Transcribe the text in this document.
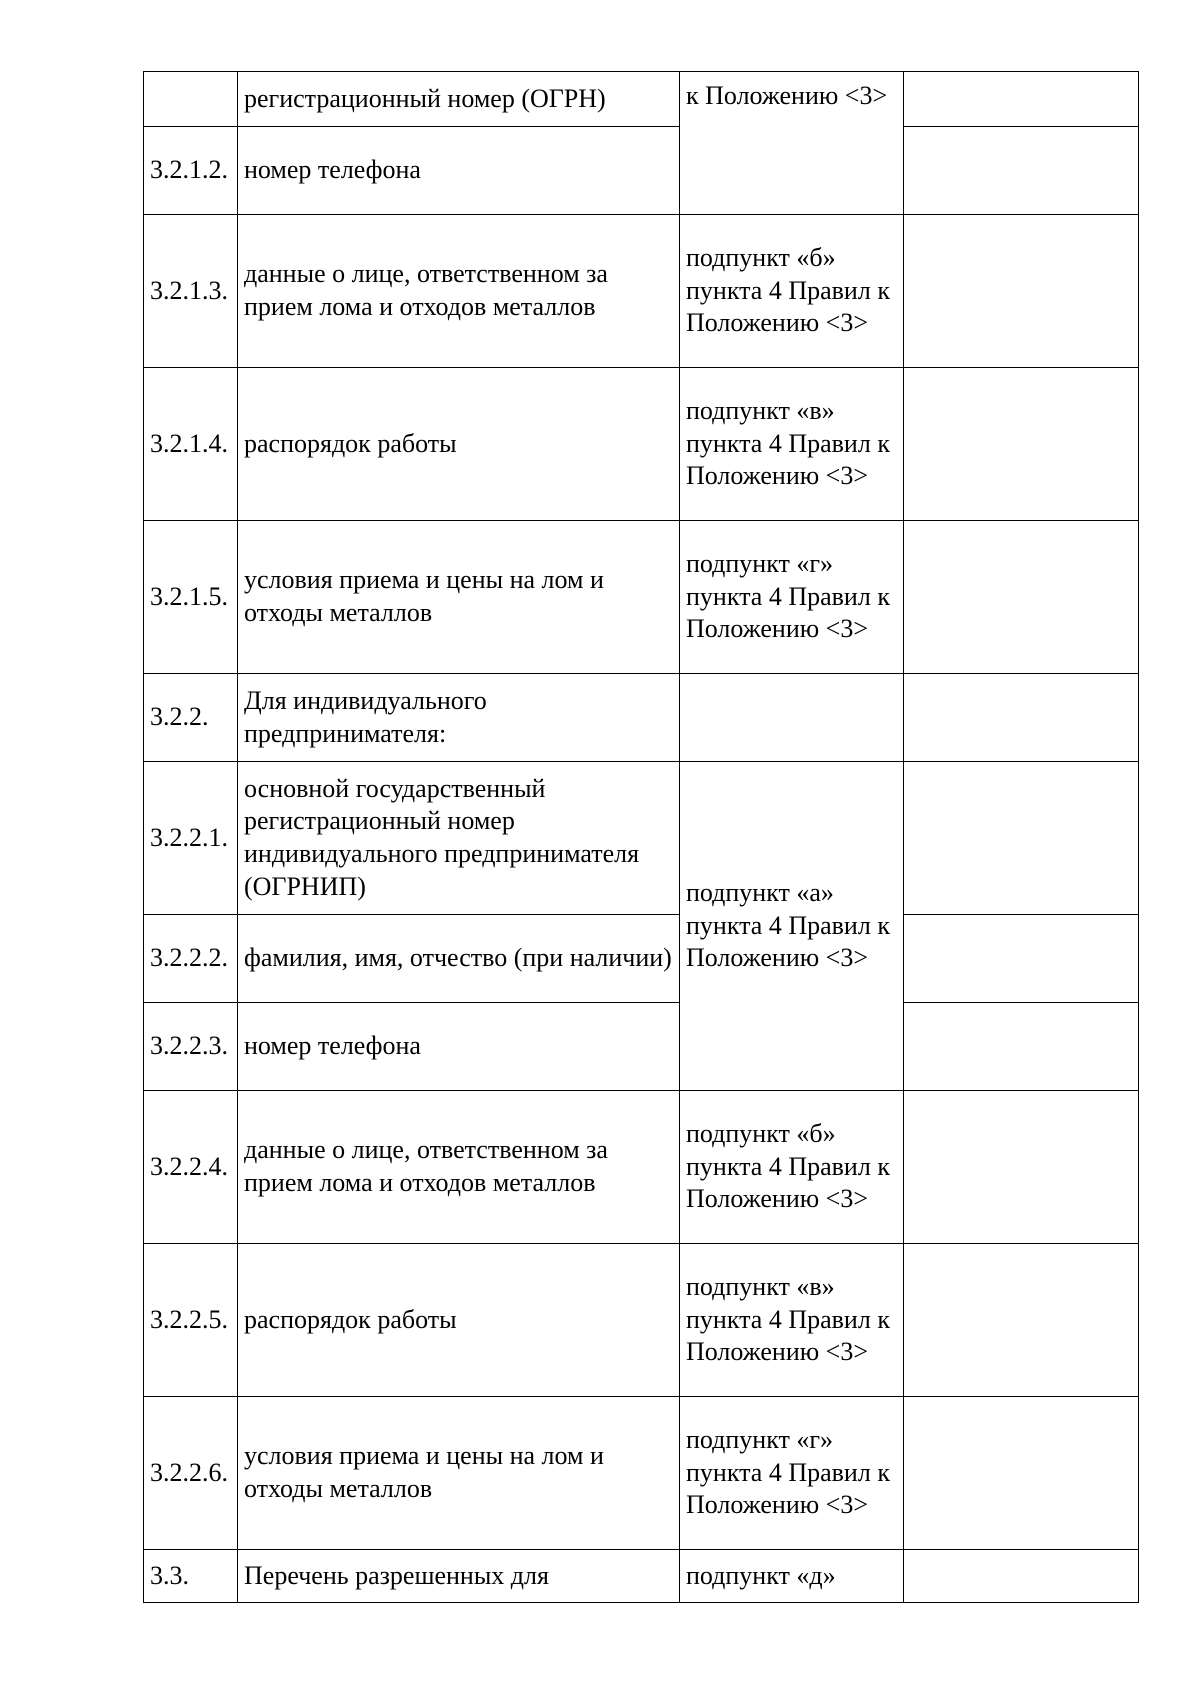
	регистрационный номер (ОГРН)	к Положению <3>	
3.2.1.2.	номер телефона		
3.2.1.3.	данные о лице, ответственном за прием лома и отходов металлов	подпункт «б» пункта 4 Правил к Положению <3>	
3.2.1.4.	распорядок работы	подпункт «в» пункта 4 Правил к Положению <3>	
3.2.1.5.	условия приема и цены на лом и отходы металлов	подпункт «г» пункта 4 Правил к Положению <3>	
3.2.2.	Для индивидуального предпринимателя:		
3.2.2.1.	основной государственный регистрационный номер индивидуального предпринимателя (ОГРНИП)	подпункт «а» пункта 4 Правил к Положению <3>	
3.2.2.2.	фамилия, имя, отчество (при наличии)		
3.2.2.3.	номер телефона		
3.2.2.4.	данные о лице, ответственном за прием лома и отходов металлов	подпункт «б» пункта 4 Правил к Положению <3>	
3.2.2.5.	распорядок работы	подпункт «в» пункта 4 Правил к Положению <3>	
3.2.2.6.	условия приема и цены на лом и отходы металлов	подпункт «г» пункта 4 Правил к Положению <3>	
3.3.	Перечень разрешенных для	подпункт «д»	
